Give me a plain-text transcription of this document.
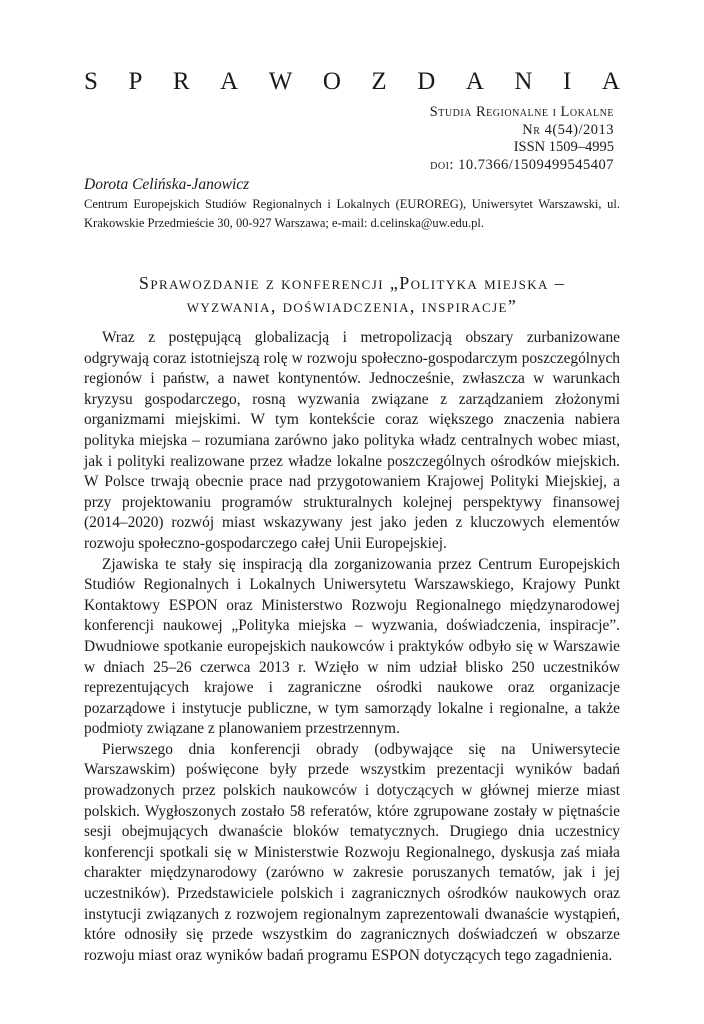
S P R A W O Z D A N I A
Studia Regionalne i Lokalne
Nr 4(54)/2013
ISSN 1509–4995
doi: 10.7366/1509499545407
Dorota Celińska-Janowicz
Centrum Europejskich Studiów Regionalnych i Lokalnych (EUROREG), Uniwersytet Warszawski, ul. Krakowskie Przedmieście 30, 00-927 Warszawa; e-mail: d.celinska@uw.edu.pl.
Sprawozdanie z konferencji „Polityka miejska –
wyzwania, doświadczenia, inspiracje”

Wraz z postępującą globalizacją i metropolizacją obszary zurbanizowane odgrywają coraz istotniejszą rolę w rozwoju społeczno-gospodarczym poszczególnych regionów i państw, a nawet kontynentów. Jednocześnie, zwłaszcza w warunkach kryzysu gospodarczego, rosną wyzwania związane z zarządzaniem złożonymi organizmami miejskimi. W tym kontekście coraz większego znaczenia nabiera polityka miejska – rozumiana zarówno jako polityka władz centralnych wobec miast, jak i polityki realizowane przez władze lokalne poszczególnych ośrodków miejskich. W Polsce trwają obecnie prace nad przygotowaniem Krajowej Polityki Miejskiej, a przy projektowaniu programów strukturalnych kolejnej perspektywy finansowej (2014–2020) rozwój miast wskazywany jest jako jeden z kluczowych elementów rozwoju społeczno-gospodarczego całej Unii Europejskiej.

Zjawiska te stały się inspiracją dla zorganizowania przez Centrum Europejskich Studiów Regionalnych i Lokalnych Uniwersytetu Warszawskiego, Krajowy Punkt Kontaktowy ESPON oraz Ministerstwo Rozwoju Regionalnego międzynarodowej konferencji naukowej „Polityka miejska – wyzwania, doświadczenia, inspiracje”. Dwudniowe spotkanie europejskich naukowców i praktyków odbyło się w Warszawie w dniach 25–26 czerwca 2013 r. Wzięło w nim udział blisko 250 uczestników reprezentujących krajowe i zagraniczne ośrodki naukowe oraz organizacje pozarządowe i instytucje publiczne, w tym samorządy lokalne i regionalne, a także podmioty związane z planowaniem przestrzennym.

Pierwszego dnia konferencji obrady (odbywające się na Uniwersytecie Warszawskim) poświęcone były przede wszystkim prezentacji wyników badań prowadzonych przez polskich naukowców i dotyczących w głównej mierze miast polskich. Wygłoszonych zostało 58 referatów, które zgrupowane zostały w piętnaście sesji obejmujących dwanaście bloków tematycznych. Drugiego dnia uczestnicy konferencji spotkali się w Ministerstwie Rozwoju Regionalnego, dyskusja zaś miała charakter międzynarodowy (zarówno w zakresie poruszanych tematów, jak i jej uczestników). Przedstawiciele polskich i zagranicznych ośrodków naukowych oraz instytucji związanych z rozwojem regionalnym zaprezentowali dwanaście wystąpień, które odnosiły się przede wszystkim do zagranicznych doświadczeń w obszarze rozwoju miast oraz wyników badań programu ESPON dotyczących tego zagadnienia.
